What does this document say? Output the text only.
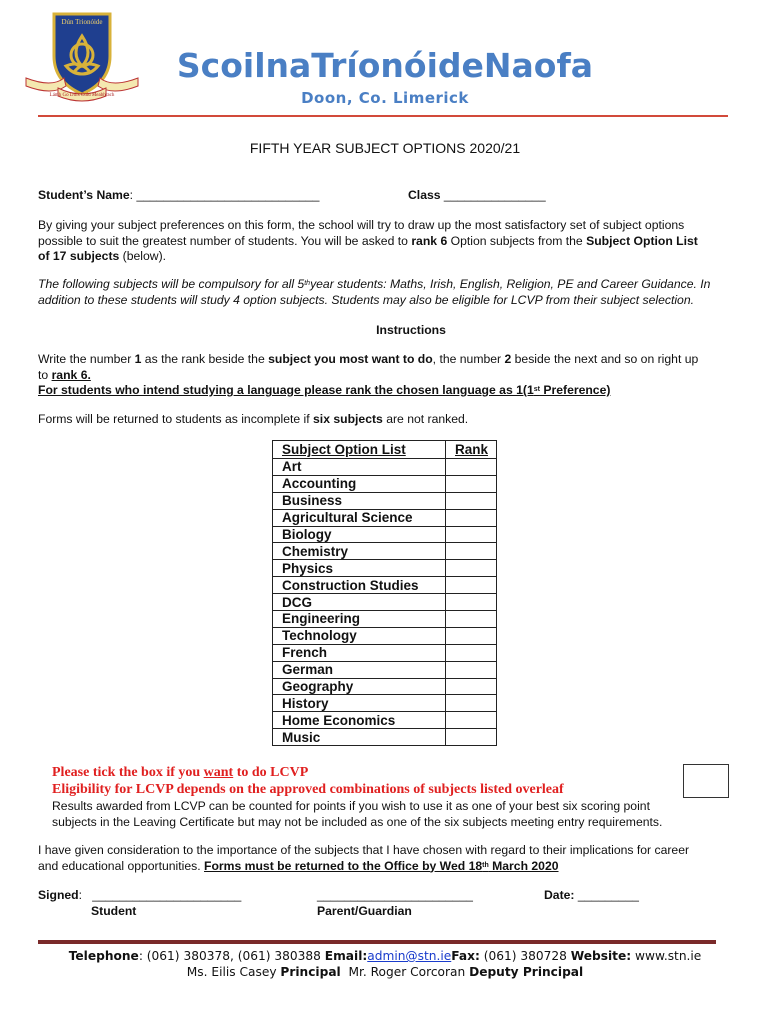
Dún Trionóide
Lámh Go Dílis Cuid Meabhrach
ScoilnaTríonóideNaofa
Doon, Co. Limerick
FIFTH YEAR SUBJECT OPTIONS 2020/21
Student’s Name: ___________________________	Class _______________
By giving your subject preferences on this form, the school will try to draw up the most satisfactory set of subject options
possible to suit the greatest number of students. You will be asked to rank 6 Option subjects from the Subject Option List
of 17 subjects (below).
The following subjects will be compulsory for all 5thyear students: Maths, Irish, English, Religion, PE and Career Guidance. In
addition to these students will study 4 option subjects. Students may also be eligible for LCVP from their subject selection.
Instructions
Write the number 1 as the rank beside the subject you most want to do, the number 2 beside the next and so on right up
to rank 6.
For students who intend studying a language please rank the chosen language as 1(1st Preference)
Forms will be returned to students as incomplete if six subjects are not ranked.
Subject Option List	Rank
Art	
Accounting	
Business	
Agricultural Science	
Biology	
Chemistry	
Physics	
Construction Studies	
DCG	
Engineering	
Technology	
French	
German	
Geography	
History	
Home Economics	
Music	
Please tick the box if you want to do LCVP
Eligibility for LCVP depends on the approved combinations of subjects listed overleaf
Results awarded from LCVP can be counted for points if you wish to use it as one of your best six scoring point
subjects in the Leaving Certificate but may not be included as one of the six subjects meeting entry requirements.
I have given consideration to the importance of the subjects that I have chosen with regard to their implications for career
and educational opportunities. Forms must be returned to the Office by Wed 18th March 2020
Signed:   ______________________	_______________________	Date: _________
Student	Parent/Guardian
Telephone: (061) 380378, (061) 380388 Email:admin@stn.ieFax: (061) 380728 Website: www.stn.ie
Ms. Eilis Casey Principal  Mr. Roger Corcoran Deputy Principal
